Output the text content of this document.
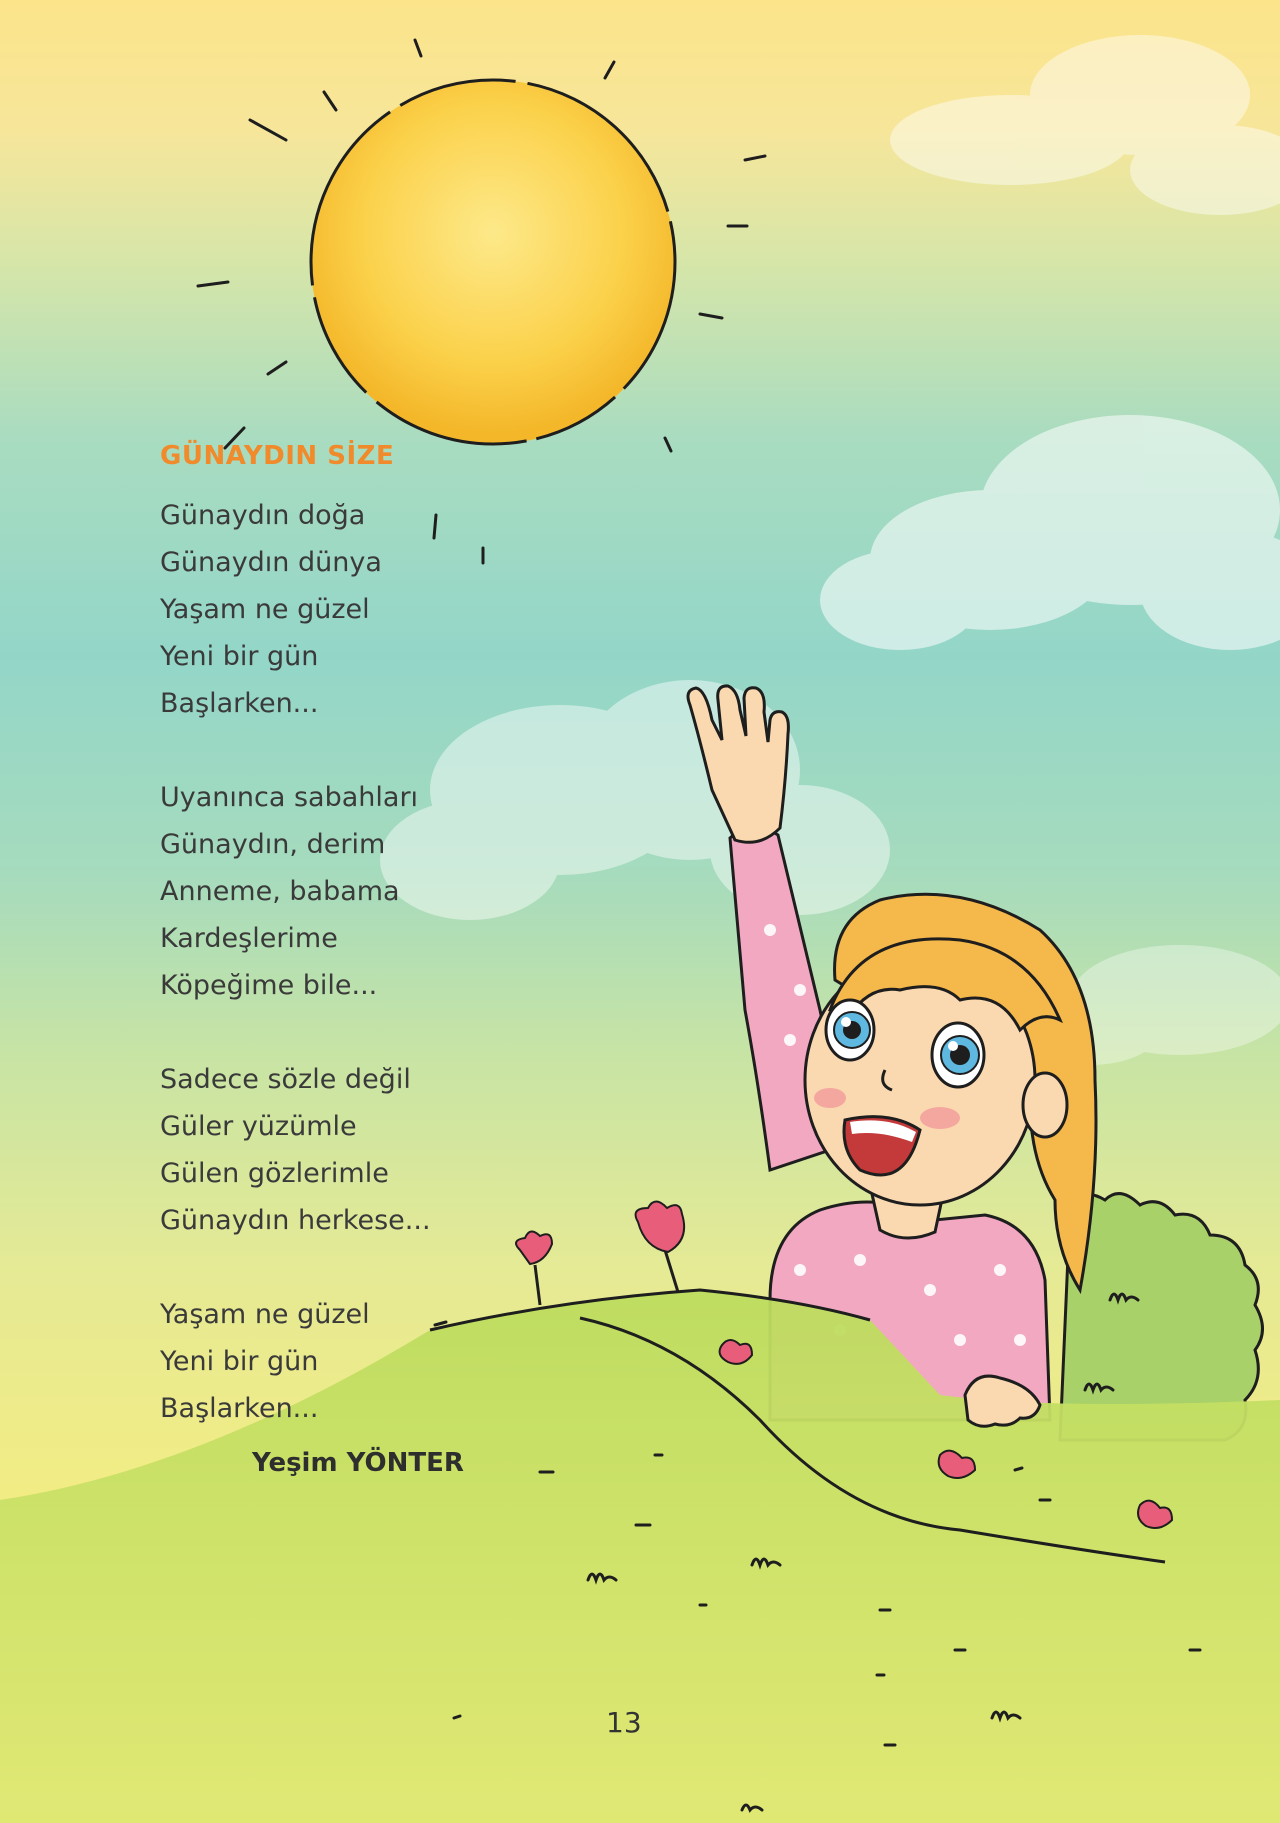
GÜNAYDIN SİZE
Günaydın doğa
Günaydın dünya
Yaşam ne güzel
Yeni bir gün
Başlarken...
Uyanınca sabahları
Günaydın, derim
Anneme, babama
Kardeşlerime
Köpeğime bile...
Sadece sözle değil
Güler yüzümle
Gülen gözlerimle
Günaydın herkese...
Yaşam ne güzel
Yeni bir gün
Başlarken...
Yeşim YÖNTER
13
